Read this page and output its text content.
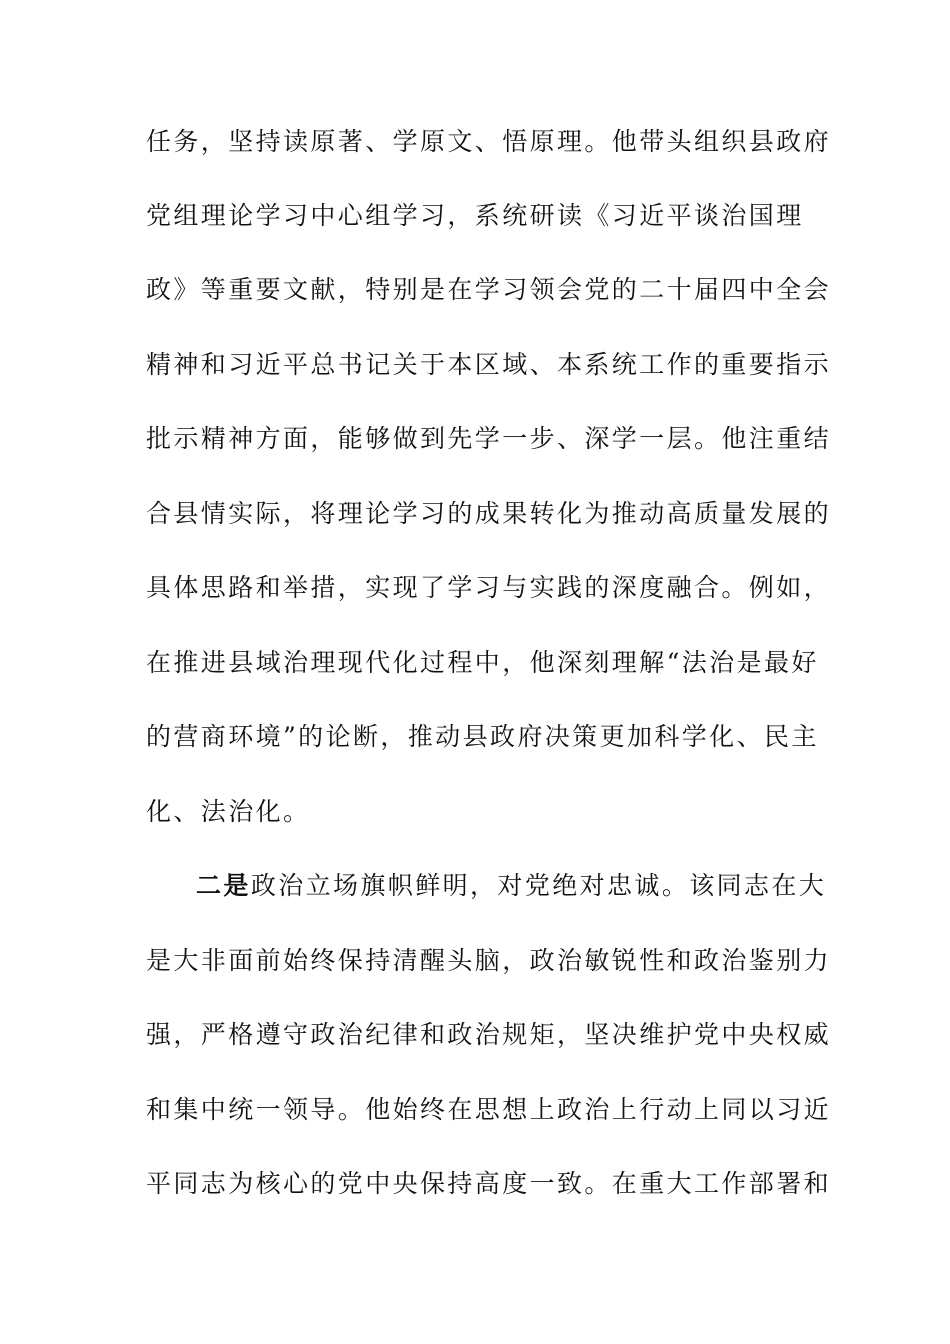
任务，坚持读原著、学原文、悟原理。他带头组织县政府
党组理论学习中心组学习，系统研读《习近平谈治国理
政》等重要文献，特别是在学习领会党的二十届四中全会
精神和习近平总书记关于本区域、本系统工作的重要指示
批示精神方面，能够做到先学一步、深学一层。他注重结
合县情实际，将理论学习的成果转化为推动高质量发展的
具体思路和举措，实现了学习与实践的深度融合。例如，
在推进县域治理现代化过程中，他深刻理解“法治是最好
的营商环境”的论断，推动县政府决策更加科学化、民主
化、法治化。
二是政治立场旗帜鲜明，对党绝对忠诚。该同志在大
是大非面前始终保持清醒头脑，政治敏锐性和政治鉴别力
强，严格遵守政治纪律和政治规矩，坚决维护党中央权威
和集中统一领导。他始终在思想上政治上行动上同以习近
平同志为核心的党中央保持高度一致。在重大工作部署和
